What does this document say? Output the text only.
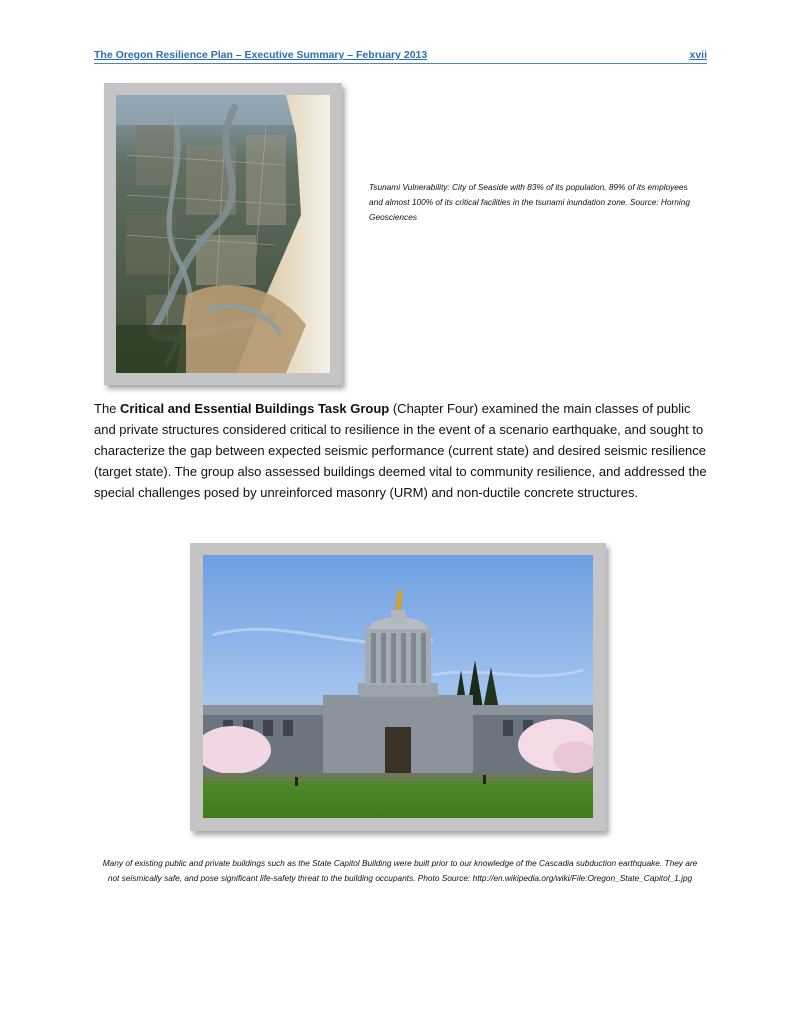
The Oregon Resilience Plan – Executive Summary – February 2013	xvii
Tsunami Vulnerability: City of Seaside with 83% of its population, 89% of its employees and almost 100% of its critical facilities in the tsunami inundation zone. Source: Horning Geosciences

The Critical and Essential Buildings Task Group (Chapter Four) examined the main classes of public and private structures considered critical to resilience in the event of a scenario earthquake, and sought to characterize the gap between expected seismic performance (current state) and desired seismic resilience (target state). The group also assessed buildings deemed vital to community resilience, and addressed the special challenges posed by unreinforced masonry (URM) and non-ductile concrete structures.

Many of existing public and private buildings such as the State Capitol Building were built prior to our knowledge of the Cascadia subduction earthquake. They are not seismically safe, and pose significant life-safety threat to the building occupants. Photo Source: http://en.wikipedia.org/wiki/File:Oregon_State_Capitol_1.jpg
